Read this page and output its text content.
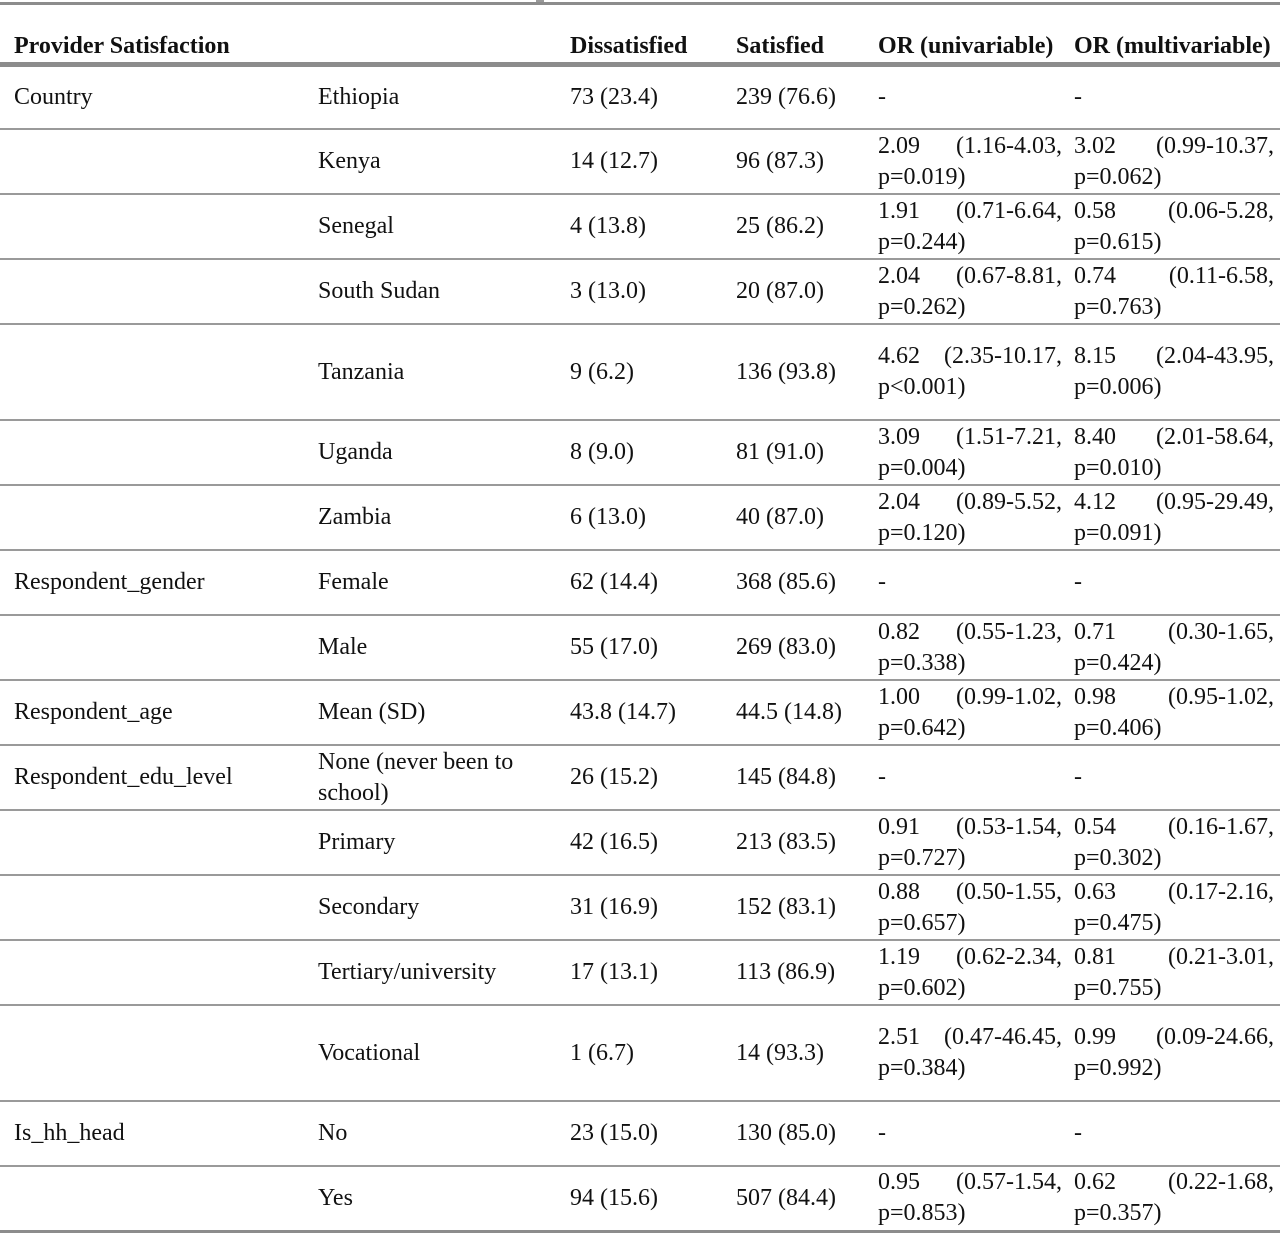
Provider Satisfaction		Dissatisfied	Satisfied	OR (univariable)	OR (multivariable)
Country	Ethiopia	73 (23.4)	239 (76.6)	-	-
	Kenya	14 (12.7)	96 (87.3)	2.09 (1.16-4.03, p=0.019)	3.02 (0.99-10.37, p=0.062)
	Senegal	4 (13.8)	25 (86.2)	1.91 (0.71-6.64, p=0.244)	0.58 (0.06-5.28, p=0.615)
	South Sudan	3 (13.0)	20 (87.0)	2.04 (0.67-8.81, p=0.262)	0.74 (0.11-6.58, p=0.763)
	Tanzania	9 (6.2)	136 (93.8)	4.62 (2.35-10.17, p<0.001)	8.15 (2.04-43.95, p=0.006)
	Uganda	8 (9.0)	81 (91.0)	3.09 (1.51-7.21, p=0.004)	8.40 (2.01-58.64, p=0.010)
	Zambia	6 (13.0)	40 (87.0)	2.04 (0.89-5.52, p=0.120)	4.12 (0.95-29.49, p=0.091)
Respondent_gender	Female	62 (14.4)	368 (85.6)	-	-
	Male	55 (17.0)	269 (83.0)	0.82 (0.55-1.23, p=0.338)	0.71 (0.30-1.65, p=0.424)
Respondent_age	Mean (SD)	43.8 (14.7)	44.5 (14.8)	1.00 (0.99-1.02, p=0.642)	0.98 (0.95-1.02, p=0.406)
Respondent_edu_level	None (never been to school)	26 (15.2)	145 (84.8)	-	-
	Primary	42 (16.5)	213 (83.5)	0.91 (0.53-1.54, p=0.727)	0.54 (0.16-1.67, p=0.302)
	Secondary	31 (16.9)	152 (83.1)	0.88 (0.50-1.55, p=0.657)	0.63 (0.17-2.16, p=0.475)
	Tertiary/university	17 (13.1)	113 (86.9)	1.19 (0.62-2.34, p=0.602)	0.81 (0.21-3.01, p=0.755)
	Vocational	1 (6.7)	14 (93.3)	2.51 (0.47-46.45, p=0.384)	0.99 (0.09-24.66, p=0.992)
Is_hh_head	No	23 (15.0)	130 (85.0)	-	-
	Yes	94 (15.6)	507 (84.4)	0.95 (0.57-1.54, p=0.853)	0.62 (0.22-1.68, p=0.357)
